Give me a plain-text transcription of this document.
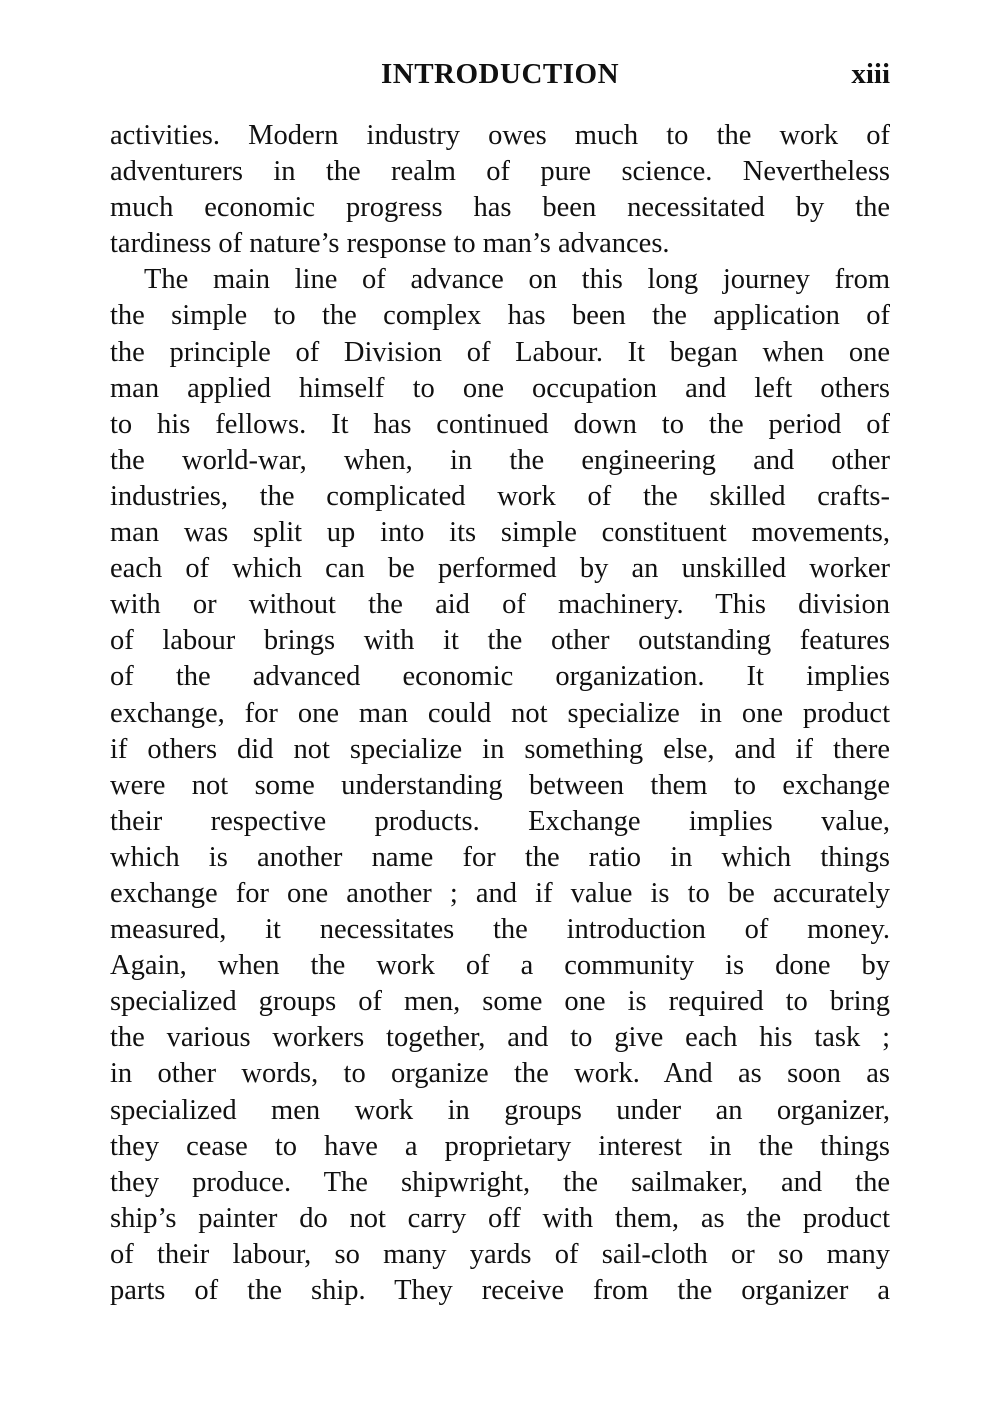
INTRODUCTION	xiii
activities. Modern industry owes much to the work of
adventurers in the realm of pure science. Nevertheless
much economic progress has been necessitated by the
tardiness of nature’s response to man’s advances.
The main line of advance on this long journey from
the simple to the complex has been the application of
the principle of Division of Labour. It began when one
man applied himself to one occupation and left others
to his fellows. It has continued down to the period of
the world-war, when, in the engineering and other
industries, the complicated work of the skilled crafts-
man was split up into its simple constituent movements,
each of which can be performed by an unskilled worker
with or without the aid of machinery. This division
of labour brings with it the other outstanding features
of the advanced economic organization. It implies
exchange, for one man could not specialize in one product
if others did not specialize in something else, and if there
were not some understanding between them to exchange
their respective products. Exchange implies value,
which is another name for the ratio in which things
exchange for one another ; and if value is to be accurately
measured, it necessitates the introduction of money.
Again, when the work of a community is done by
specialized groups of men, some one is required to bring
the various workers together, and to give each his task ;
in other words, to organize the work. And as soon as
specialized men work in groups under an organizer,
they cease to have a proprietary interest in the things
they produce. The shipwright, the sailmaker, and the
ship’s painter do not carry off with them, as the product
of their labour, so many yards of sail-cloth or so many
parts of the ship. They receive from the organizer a
